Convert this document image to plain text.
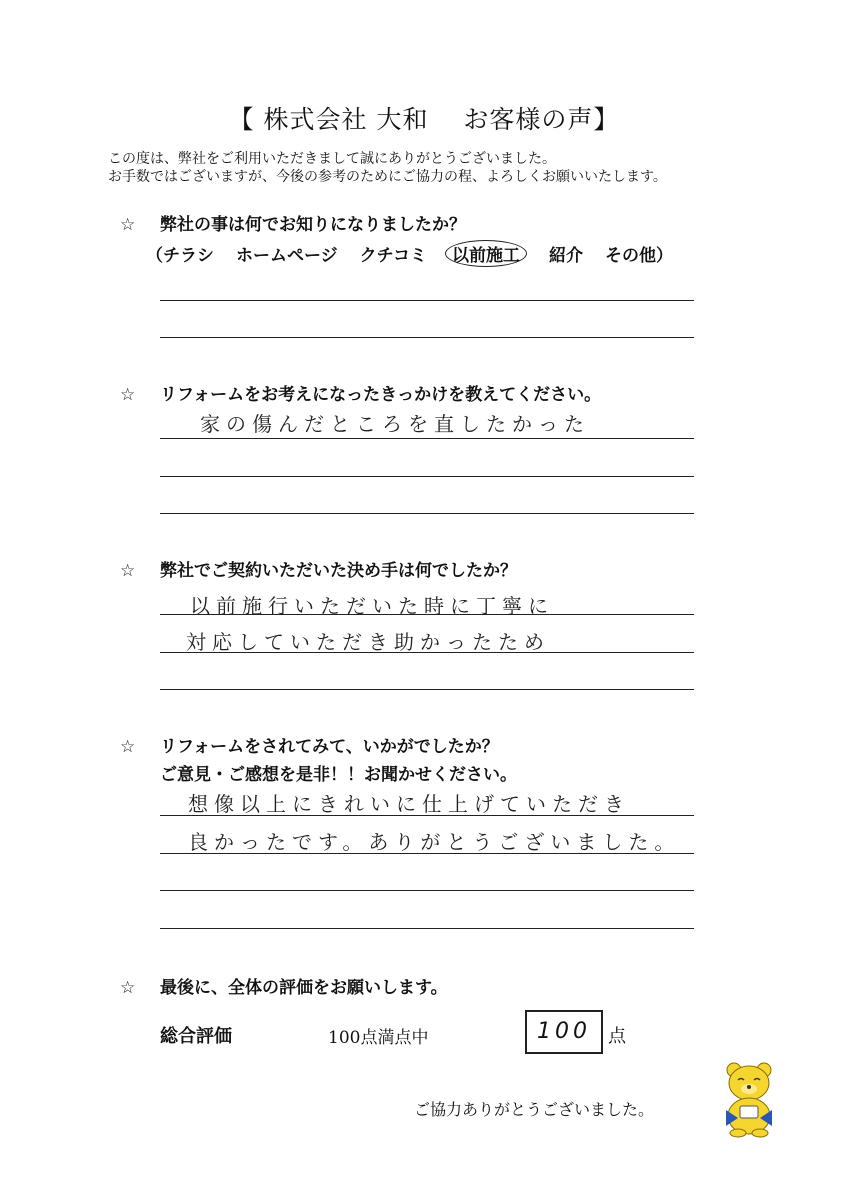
【 株式会社 大和　 お客様の声】
この度は、弊社をご利用いただきまして誠にありがとうございました。
お手数ではございますが、今後の参考のためにご協力の程、よろしくお願いいたします。
☆ 弊社の事は何でお知りになりましたか？
（チラシ ホームページ クチコミ 以前施工 紹介 その他）
☆ リフォームをお考えになったきっかけを教えてください。
家の傷んだところを直したかった
☆ 弊社でご契約いただいた決め手は何でしたか？
以前施行いただいた時に丁寧に
対応していただき助かったため
☆ リフォームをされてみて、いかがでしたか？
ご意見・ご感想を是非！！お聞かせください。
想像以上にきれいに仕上げていただき
良かったです。ありがとうございました。
☆ 最後に、全体の評価をお願いします。
総合評価	100点満点中	100 点
ご協力ありがとうございました。
